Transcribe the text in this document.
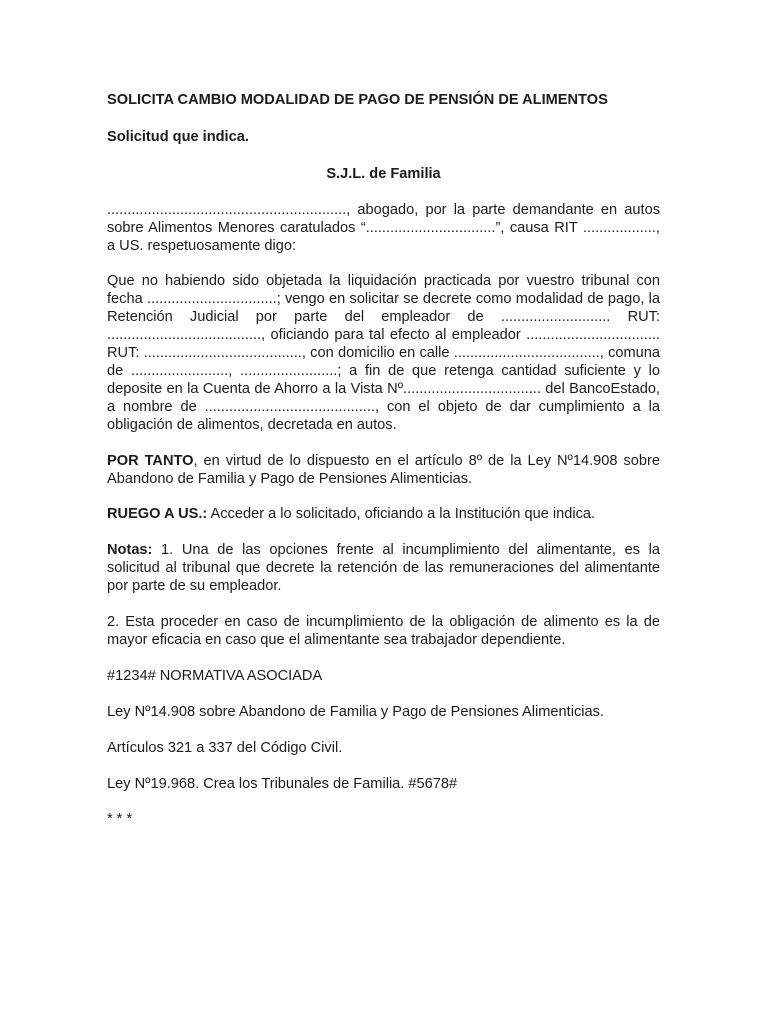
SOLICITA CAMBIO MODALIDAD DE PAGO DE PENSIÓN DE ALIMENTOS

Solicitud que indica.

S.J.L. de Familia

..........................................................., abogado, por la parte demandante en autos sobre Alimentos Menores caratulados “................................”, causa RIT .................., a US. respetuosamente digo:

Que no habiendo sido objetada la liquidación practicada por vuestro tribunal con fecha ................................; vengo en solicitar se decrete como modalidad de pago, la Retención Judicial por parte del empleador de ........................... RUT: ......................................, oficiando para tal efecto al empleador ................................. RUT: ......................................., con domicilio en calle ...................................., comuna de ........................, ........................; a fin de que retenga cantidad suficiente y lo deposite en la Cuenta de Ahorro a la Vista Nº.................................. del BancoEstado, a nombre de .........................................., con el objeto de dar cumplimiento a la obligación de alimentos, decretada en autos.

POR TANTO, en virtud de lo dispuesto en el artículo 8º de la Ley Nº14.908 sobre Abandono de Familia y Pago de Pensiones Alimenticias.

RUEGO A US.: Acceder a lo solicitado, oficiando a la Institución que indica.

Notas: 1. Una de las opciones frente al incumplimiento del alimentante, es la solicitud al tribunal que decrete la retención de las remuneraciones del alimentante por parte de su empleador.

2. Esta proceder en caso de incumplimiento de la obligación de alimento es la de mayor eficacia en caso que el alimentante sea trabajador dependiente.

#1234# NORMATIVA ASOCIADA

Ley Nº14.908 sobre Abandono de Familia y Pago de Pensiones Alimenticias.

Artículos 321 a 337 del Código Civil.

Ley Nº19.968. Crea los Tribunales de Familia. #5678#

* * *
